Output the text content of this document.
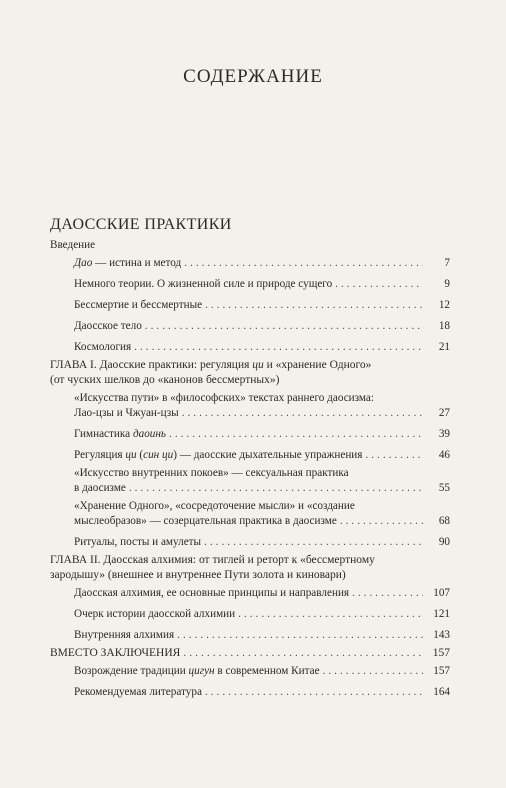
СОДЕРЖАНИЕ
ДАОССКИЕ ПРАКТИКИ
Введение
Дао — истина и метод .....	7
Немного теории. О жизненной силе и природе сущего .....	9
Бессмертие и бессмертные .....	12
Даосское тело .....	18
Космология .....	21
ГЛАВА I. Даосские практики: регуляция ци и «хранение Одного»
(от чуских шелков до «канонов бессмертных»)
«Искусства пути» в «философских» текстах раннего даосизма:
Лао-цзы и Чжуан-цзы .....	27
Гимнастика даоинь .....	39
Регуляция ци (син ци) — даосские дыхательные упражнения .....	46
«Искусство внутренних покоев» — сексуальная практика
в даосизме .....	55
«Хранение Одного», «сосредоточение мысли» и «создание
мыслеобразов» — созерцательная практика в даосизме .....	68
Ритуалы, посты и амулеты .....	90
ГЛАВА II. Даосская алхимия: от тиглей и реторт к «бессмертному
зародышу» (внешнее и внутреннее Пути золота и киновари)
Даосская алхимия, ее основные принципы и направления .....	107
Очерк истории даосской алхимии .....	121
Внутренняя алхимия .....	143
ВМЕСТО ЗАКЛЮЧЕНИЯ .....	157
Возрождение традиции цигун в современном Китае .....	157
Рекомендуемая литература .....	164
